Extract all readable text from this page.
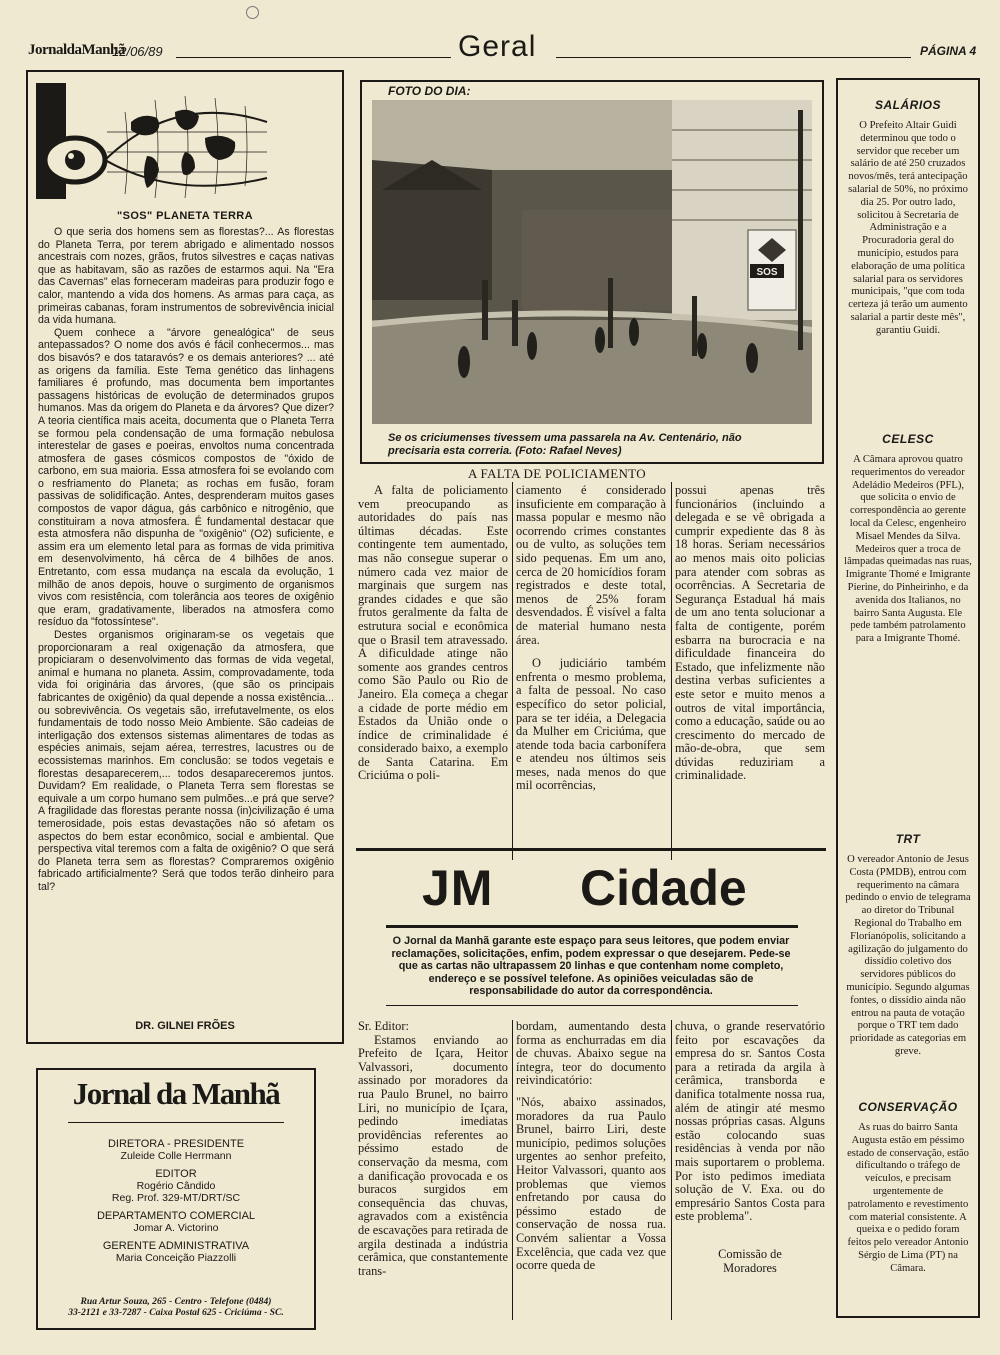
JornaldaManhã
12/06/89	Geral	PÁGINA 4
"SOS" PLANETA TERRA

O que seria dos homens sem as florestas?... As florestas do Planeta Terra, por terem abrigado e alimentado nossos ancestrais com nozes, grãos, frutos silvestres e caças nativas que as habitavam, são as razões de estarmos aqui. Na "Era das Cavernas" elas forneceram madeiras para produzir fogo e calor, mantendo a vida dos homens. As armas para caça, as primeiras cabanas, foram instrumentos de sobrevivência inicial da vida humana.

Quem conhece a "árvore genealógica" de seus antepassados? O nome dos avós é fácil conhecermos... mas dos bisavós? e dos tataravós? e os demais anteriores? ... até as origens da família. Este Tema genético das linhagens familiares é profundo, mas documenta bem importantes passagens históricas de evolução de determinados grupos humanos. Mas da origem do Planeta e da árvores? Que dizer? A teoria científica mais aceita, documenta que o Planeta Terra se formou pela condensação de uma formação nebulosa interestelar de gases e poeiras, envoltos numa concentrada atmosfera de gases cósmicos compostos de "óxido de carbono, em sua maioria. Essa atmosfera foi se evolando com o resfriamento do Planeta; as rochas em fusão, foram passivas de solidificação. Antes, desprenderam muitos gases compostos de vapor dágua, gás carbônico e nitrogênio, que constituiram a nova atmosfera. É fundamental destacar que esta atmosfera não dispunha de "oxigênio" (O2) suficiente, e assim era um elemento letal para as formas de vida primitiva em desenvolvimento, há cêrca de 4 bilhões de anos. Entretanto, com essa mudança na escala da evolução, 1 milhão de anos depois, houve o surgimento de organismos vivos com resistência, com tolerância aos teores de oxigênio que eram, gradativamente, liberados na atmosfera como resíduo da "fotossíntese".

Destes organismos originaram-se os vegetais que proporcionaram a real oxigenação da atmosfera, que propiciaram o desenvolvimento das formas de vida vegetal, animal e humana no planeta. Assim, comprovadamente, toda vida foi originária das árvores, (que são os principais fabricantes de oxigênio) da qual depende a nossa existência... ou sobrevivência. Os vegetais são, irrefutavelmente, os elos fundamentais de todo nosso Meio Ambiente. São cadeias de interligação dos extensos sistemas alimentares de todas as espécies animais, sejam aérea, terrestres, lacustres ou de ecossistemas marinhos. Em conclusão: se todos vegetais e florestas desaparecerem,... todos desapareceremos juntos. Duvidam? Em realidade, o Planeta Terra sem florestas se equivale a um corpo humano sem pulmões...e prá que serve? A fragilidade das florestas perante nossa (in)civilização é uma temerosidade, pois estas devastações não só afetam os aspectos do bem estar econômico, social e ambiental. Que perspectiva vital teremos com a falta de oxigênio? O que será do Planeta terra sem as florestas? Compraremos oxigênio fabricado artificialmente? Será que todos terão dinheiro para tal?

DR. GILNEI FRÕES
Jornal da Manhã
DIRETORA - PRESIDENTE
Zuleide Colle Herrmann
EDITOR
Rogério Cândido
Reg. Prof. 329-MT/DRT/SC
DEPARTAMENTO COMERCIAL
Jomar A. Victorino
GERENTE ADMINISTRATIVA
Maria Conceição Piazzolli
Rua Artur Souza, 265 - Centro - Telefone (0484)
33-2121 e 33-7287 - Caixa Postal 625 - Criciúma - SC.
FOTO DO DIA:
SOS
Se os criciumenses tivessem uma passarela na Av. Centenário, não
precisaria esta correria. (Foto: Rafael Neves)
A FALTA DE POLICIAMENTO

A falta de policiamento vem preocupando as autoridades do país nas últimas décadas. Este contingente tem aumentado, mas não consegue superar o número cada vez maior de marginais que surgem nas grandes cidades e que são frutos geralmente da falta de estrutura social e econômica que o Brasil tem atravessado. A dificuldade atinge não somente aos grandes centros como São Paulo ou Rio de Janeiro. Ela começa a chegar a cidade de porte médio em Estados da União onde o índice de criminalidade é considerado baixo, a exemplo de Santa Catarina. Em Criciúma o poli-

ciamento é considerado insuficiente em comparação à massa popular e mesmo não ocorrendo crimes constantes ou de vulto, as soluções tem sido pequenas. Em um ano, cerca de 20 homicídios foram registrados e deste total, menos de 25% foram desvendados. É visível a falta de material humano nesta área.

O judiciário também enfrenta o mesmo problema, a falta de pessoal. No caso específico do setor policial, para se ter idéia, a Delegacia da Mulher em Criciúma, que atende toda bacia carbonífera e atendeu nos últimos seis meses, nada menos do que mil ocorrências,

possui apenas três funcionários (incluindo a delegada e se vê obrigada a cumprir expediente das 8 às 18 horas. Seriam necessários ao menos mais oito policias para atender com sobras as ocorrências. A Secretaria de Segurança Estadual há mais de um ano tenta solucionar a falta de contigente, porém esbarra na burocracia e na dificuldade financeira do Estado, que infelizmente não destina verbas suficientes a este setor e muito menos a outros de vital importância, como a educação, saúde ou ao crescimento do mercado de mão-de-obra, que sem dúvidas reduziriam a criminalidade.

JM Cidade
O Jornal da Manhã garante este espaço para seus leitores, que podem enviar reclamações, solicitações, enfim, podem expressar o que desejarem. Pede-se que as cartas não ultrapassem 20 linhas e que contenham nome completo, endereço e se possível telefone. As opiniões veiculadas são de responsabilidade do autor da correspondência.

Sr. Editor:

Estamos enviando ao Prefeito de Içara, Heitor Valvassori, documento assinado por moradores da rua Paulo Brunel, no bairro Liri, no município de Içara, pedindo imediatas providências referentes ao péssimo estado de conservação da mesma, com a danificação provocada e os buracos surgidos em consequência das chuvas, agravados com a existência de escavações para retirada de argila destinada a indústria cerâmica, que constantemente trans-

bordam, aumentando desta forma as enchurradas em dia de chuvas. Abaixo segue na íntegra, teor do documento reivindicatório:

"Nós, abaixo assinados, moradores da rua Paulo Brunel, bairro Liri, deste município, pedimos soluções urgentes ao senhor prefeito, Heitor Valvassori, quanto aos problemas que viemos enfretando por causa do péssimo estado de conservação de nossa rua. Convém salientar a Vossa Excelência, que cada vez que ocorre queda de

chuva, o grande reservatório feito por escavações da empresa do sr. Santos Costa para a retirada da argila à cerâmica, transborda e danifica totalmente nossa rua, além de atingir até mesmo nossas próprias casas. Alguns estão colocando suas residências à venda por não mais suportarem o problema. Por isto pedimos imediata solução de V. Exa. ou do empresário Santos Costa para este problema".

Comissão de
Moradores
SALÁRIOS
O Prefeito Altair Guidi determinou que todo o servidor que receber um salário de até 250 cruzados novos/mês, terá antecipação salarial de 50%, no próximo dia 25. Por outro lado, solicitou à Secretaria de Administração e a Procuradoria geral do município, estudos para elaboração de uma política salarial para os servidores municipais, "que com toda certeza já terão um aumento salarial a partir deste mês", garantiu Guidi.
CELESC
A Câmara aprovou quatro requerimentos do vereador Adeládio Medeiros (PFL), que solicita o envio de correspondência ao gerente local da Celesc, engenheiro Misael Mendes da Silva. Medeiros quer a troca de lâmpadas queimadas nas ruas, Imigrante Thomé e Imigrante Pierine, do Pinheirinho, e da avenida dos Italianos, no bairro Santa Augusta. Ele pede também patrolamento para a Imigrante Thomé.
TRT
O vereador Antonio de Jesus Costa (PMDB), entrou com requerimento na câmara pedindo o envio de telegrama ao diretor do Tribunal Regional do Trabalho em Florianópolis, solicitando a agilização do julgamento do dissídio coletivo dos servidores públicos do município. Segundo algumas fontes, o dissídio ainda não entrou na pauta de votação porque o TRT tem dado prioridade as categorias em greve.
CONSERVAÇÃO
As ruas do bairro Santa Augusta estão em péssimo estado de conservação, estão dificultando o tráfego de veículos, e precisam urgentemente de patrolamento e revestimento com material consistente. A queixa e o pedido foram feitos pelo vereador Antonio Sérgio de Lima (PT) na Câmara.
